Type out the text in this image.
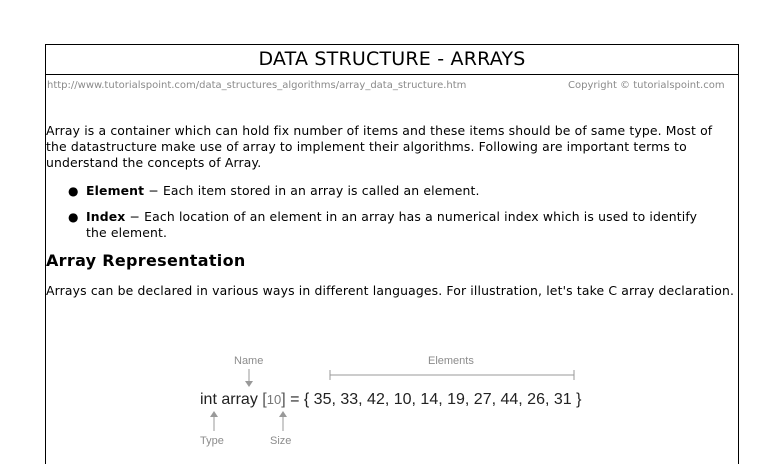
DATA STRUCTURE - ARRAYS
http://www.tutorialspoint.com/data_structures_algorithms/array_data_structure.htm	Copyright © tutorialspoint.com

Array is a container which can hold fix number of items and these items should be of same type. Most of the datastructure make use of array to implement their algorithms. Following are important terms to understand the concepts of Array.

● Element − Each item stored in an array is called an element.
● Index − Each location of an element in an array has a numerical index which is used to identify the element.
Array Representation

Arrays can be declared in various ways in different languages. For illustration, let's take C array declaration.

Name	Elements
int array [10] = { 35, 33, 42, 10, 14, 19, 27, 44, 26, 31 }
Type	Size
